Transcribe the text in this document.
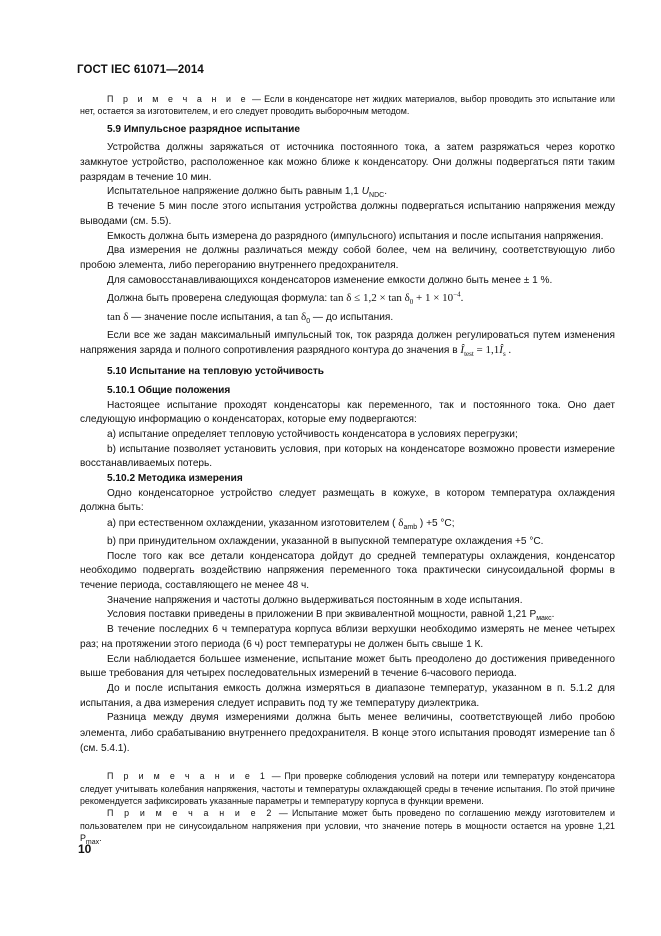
ГОСТ IEC 61071—2014

П р и м е ч а н и е — Если в конденсаторе нет жидких материалов, выбор проводить это испытание или нет, остается за изготовителем, и его следует проводить выборочным методом.

5.9 Импульсное разрядное испытание

Устройства должны заряжаться от источника постоянного тока, а затем разряжаться через коротко замкнутое устройство, расположенное как можно ближе к конденсатору. Они должны подвергаться пяти таким разрядам в течение 10 мин.

Испытательное напряжение должно быть равным 1,1 $U_{NDC}$.

В течение 5 мин после этого испытания устройства должны подвергаться испытанию напряжения между выводами (см. 5.5).

Емкость должна быть измерена до разрядного (импульсного) испытания и после испытания напряжения.

Два измерения не должны различаться между собой более, чем на величину, соответствующую либо пробою элемента, либо перегоранию внутреннего предохранителя.

Для самовосстанавливающихся конденсаторов изменение емкости должно быть менее ± 1 %.

Должна быть проверена следующая формула: $\tan \delta \le 1,2 \times \tan \delta_0 + 1 \times 10^{-4}$.

tan δ — значение после испытания, а $\tan \delta_0$ — до испытания.

Если все же задан максимальный импульсный ток, ток разряда должен регулироваться путем изменения напряжения заряда и полного сопротивления разрядного контура до значения в $Î_{test}$ = $1,1Î_s$ .

5.10 Испытание на тепловую устойчивость

5.10.1 Общие положения

Настоящее испытание проходят конденсаторы как переменного, так и постоянного тока. Оно дает следующую информацию о конденсаторах, которые ему подвергаются:

а) испытание определяет тепловую устойчивость конденсатора в условиях перегрузки;

b) испытание позволяет установить условия, при которых на конденсаторе возможно провести измерение восстанавливаемых потерь.

5.10.2 Методика измерения

Одно конденсаторное устройство следует размещать в кожухе, в котором температура охлаждения должна быть:

а) при естественном охлаждении, указанном изготовителем ( $\delta_{amb}$ ) +5 °С;

b) при принудительном охлаждении, указанной в выпускной температуре охлаждения +5 °С.

После того как все детали конденсатора дойдут до средней температуры охлаждения, конденсатор необходимо подвергать воздействию напряжения переменного тока практически синусоидальной формы в течение периода, составляющего не менее 48 ч.

Значение напряжения и частоты должно выдерживаться постоянным в ходе испытания.

Условия поставки приведены в приложении В при эквивалентной мощности, равной 1,21 $Р_{макс}$.

В течение последних 6 ч температура корпуса вблизи верхушки необходимо измерять не менее четырех раз; на протяжении этого периода (6 ч) рост температуры не должен быть свыше 1 К.

Если наблюдается большее изменение, испытание может быть преодолено до достижения приведенного выше требования для четырех последовательных измерений в течение 6-часового периода.

До и после испытания емкость должна измеряться в диапазоне температур, указанном в п. 5.1.2 для испытания, а два измерения следует исправить под ту же температуру диэлектрика.

Разница между двумя измерениями должна быть менее величины, соответствующей либо пробою элемента, либо срабатыванию внутреннего предохранителя. В конце этого испытания проводят измерение tan δ (см. 5.4.1).

П р и м е ч а н и е 1 — При проверке соблюдения условий на потери или температуру конденсатора следует учитывать колебания напряжения, частоты и температуры охлаждающей среды в течение испытания. По этой причине рекомендуется зафиксировать указанные параметры и температуру корпуса в функции времени.

П р и м е ч а н и е 2 — Испытание может быть проведено по соглашению между изготовителем и пользователем при не синусоидальном напряжения при условии, что значение потерь в мощности остается на уровне 1,21 $Р_{max}$.

10
